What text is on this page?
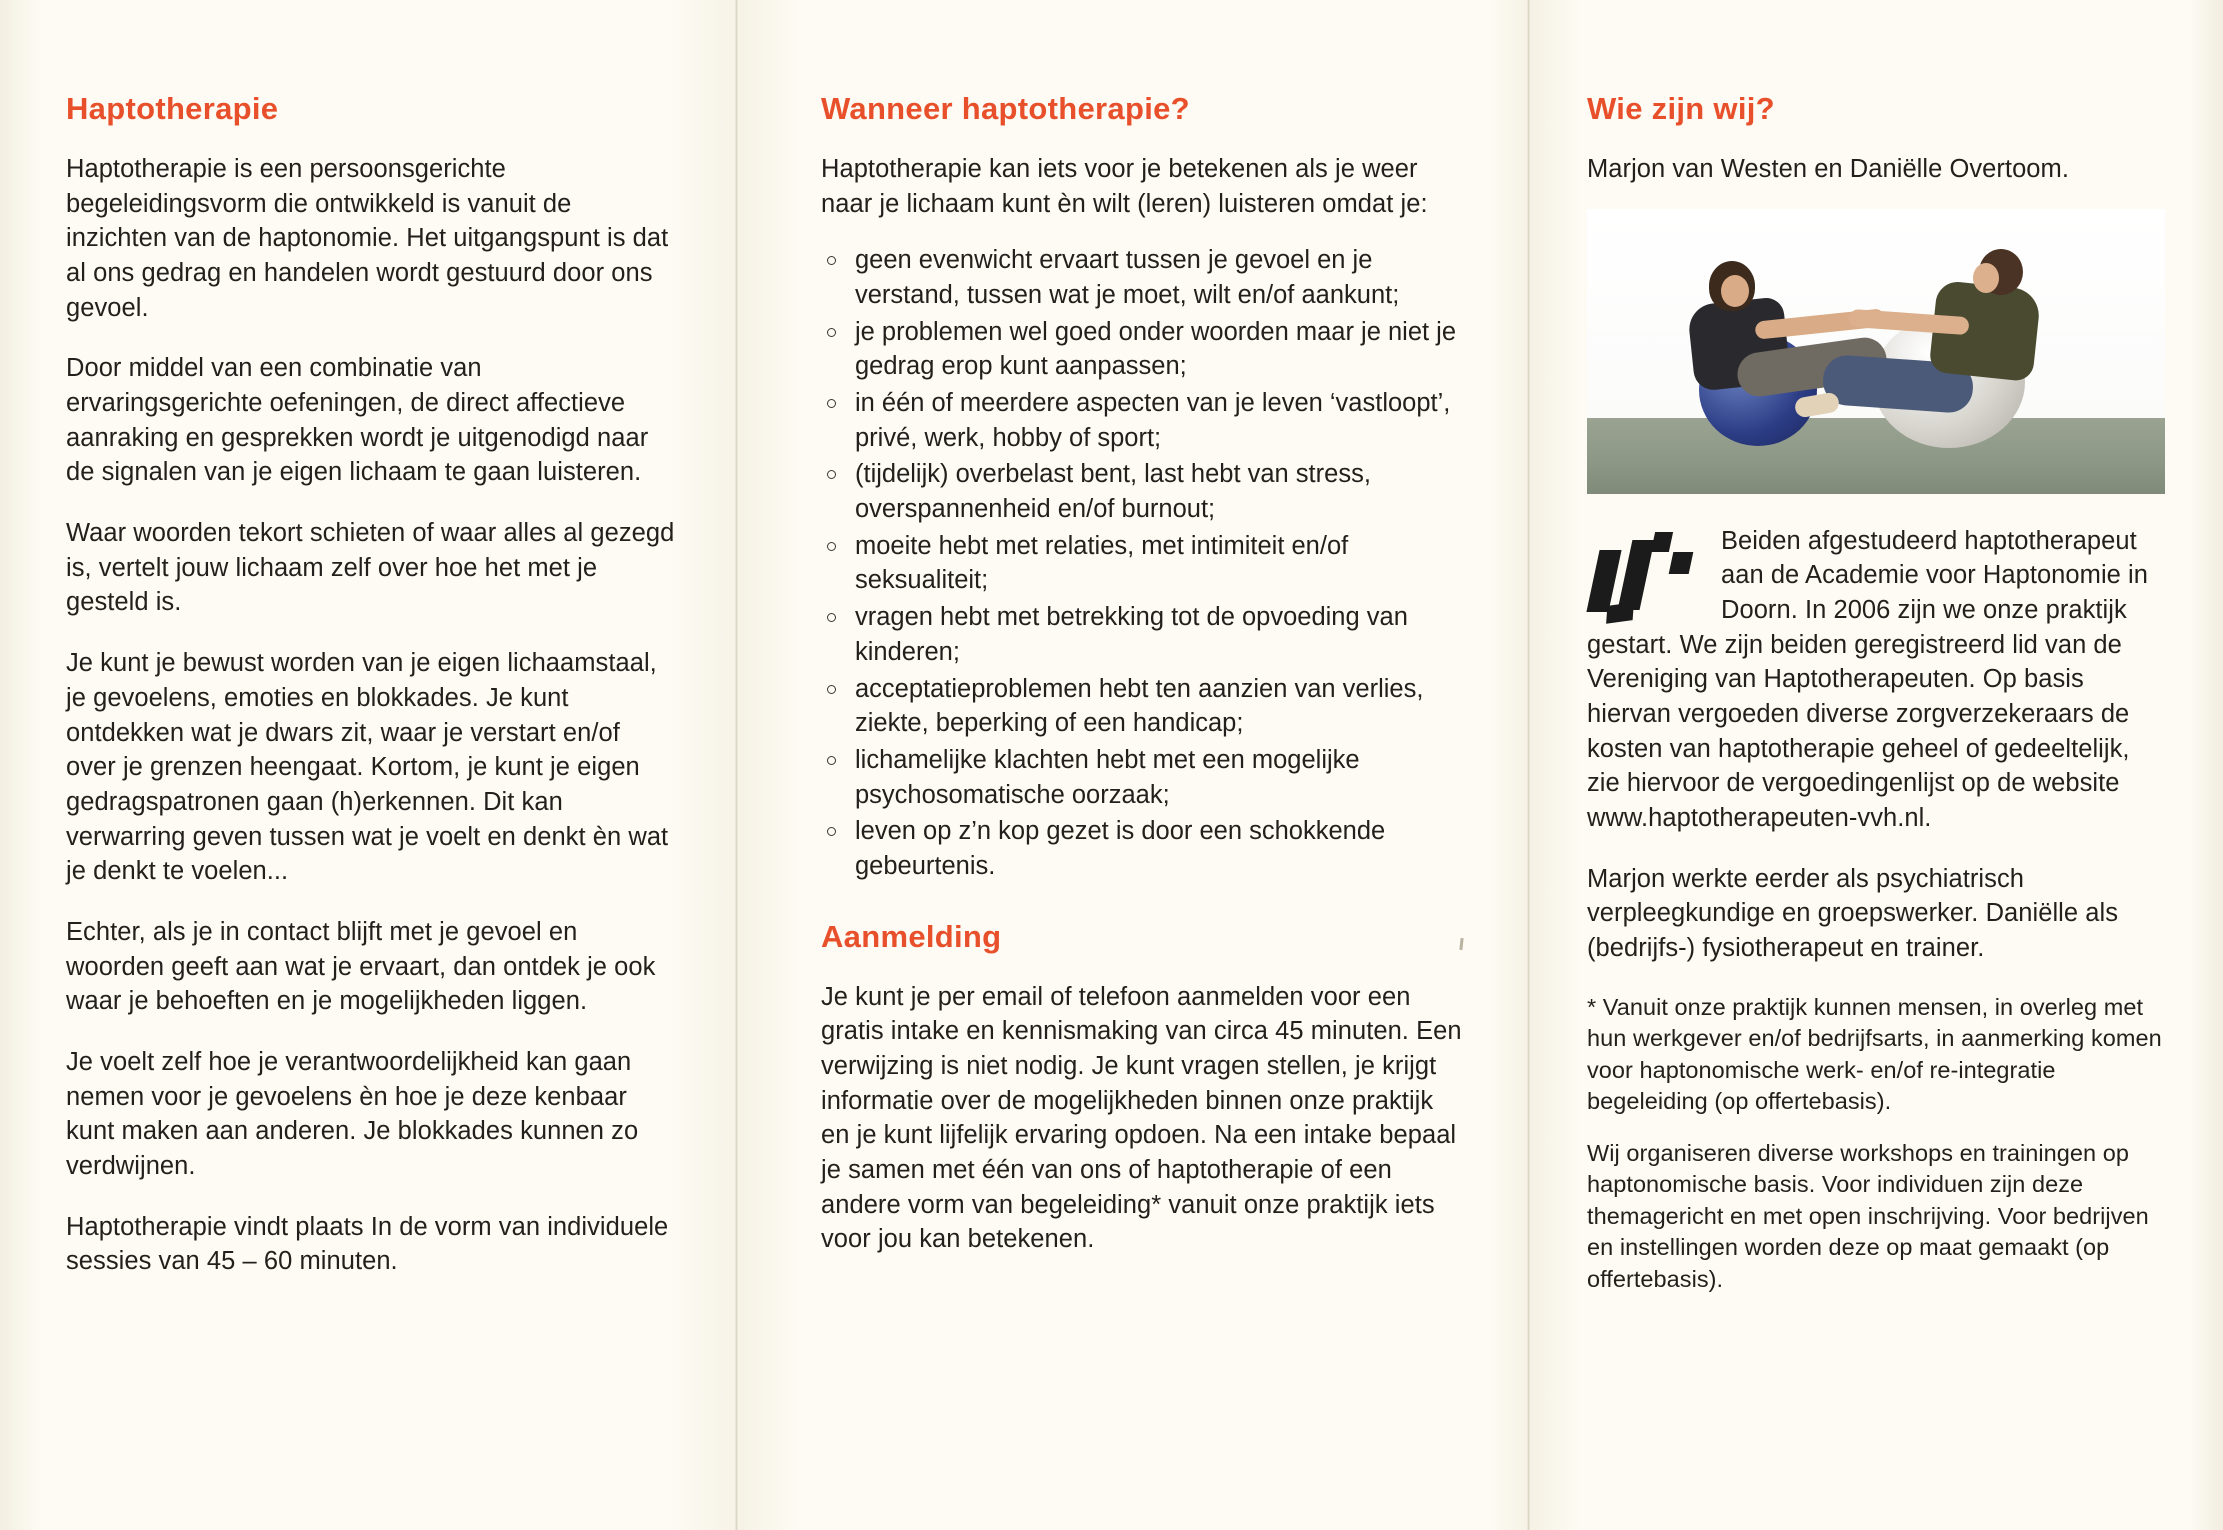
Haptotherapie

Haptotherapie is een persoonsgerichte begeleidingsvorm die ontwikkeld is vanuit de inzichten van de haptonomie. Het uitgangspunt is dat al ons gedrag en handelen wordt gestuurd door ons gevoel.

Door middel van een combinatie van ervaringsgerichte oefeningen, de direct affectieve aanraking en gesprekken wordt je uitgenodigd naar de signalen van je eigen lichaam te gaan luisteren.

Waar woorden tekort schieten of waar alles al gezegd is, vertelt jouw lichaam zelf over hoe het met je gesteld is.

Je kunt je bewust worden van je eigen lichaamstaal, je gevoelens, emoties en blokkades. Je kunt ontdekken wat je dwars zit, waar je verstart en/of over je grenzen heengaat. Kortom, je kunt je eigen gedragspatronen gaan (h)erkennen. Dit kan verwarring geven tussen wat je voelt en denkt èn wat je denkt te voelen...

Echter, als je in contact blijft met je gevoel en woorden geeft aan wat je ervaart, dan ontdek je ook waar je behoeften en je mogelijkheden liggen.

Je voelt zelf hoe je verantwoordelijkheid kan gaan nemen voor je gevoelens èn hoe je deze kenbaar kunt maken aan anderen. Je blokkades kunnen zo verdwijnen.

Haptotherapie vindt plaats In de vorm van individuele sessies van 45 – 60 minuten.

Wanneer haptotherapie?

Haptotherapie kan iets voor je betekenen als je weer naar je lichaam kunt èn wilt (leren) luisteren omdat je:

geen evenwicht ervaart tussen je gevoel en je verstand, tussen wat je moet, wilt en/of aankunt;
je problemen wel goed onder woorden maar je niet je gedrag erop kunt aanpassen;
in één of meerdere aspecten van je leven ‘vastloopt’, privé, werk, hobby of sport;
(tijdelijk) overbelast bent, last hebt van stress, overspannenheid en/of burnout;
moeite hebt met relaties, met intimiteit en/of seksualiteit;
vragen hebt met betrekking tot de opvoeding van kinderen;
acceptatieproblemen hebt ten aanzien van verlies, ziekte, beperking of een handicap;
lichamelijke klachten hebt met een mogelijke psychosomatische oorzaak;
leven op z’n kop gezet is door een schokkende gebeurtenis.
Aanmelding

Je kunt je per email of telefoon aanmelden voor een gratis intake en kennismaking van circa 45 minuten. Een verwijzing is niet nodig. Je kunt vragen stellen, je krijgt informatie over de mogelijkheden binnen onze praktijk en je kunt lijfelijk ervaring opdoen. Na een intake bepaal je samen met één van ons of haptotherapie of een andere vorm van begeleiding* vanuit onze praktijk iets voor jou kan betekenen.

Wie zijn wij?

Marjon van Westen en Daniëlle Overtoom.

Beiden afgestudeerd haptotherapeut aan de Academie voor Haptonomie in Doorn. In 2006 zijn we onze praktijk gestart. We zijn beiden geregistreerd lid van de Vereniging van Haptotherapeuten. Op basis hiervan vergoeden diverse zorgverzekeraars de kosten van haptotherapie geheel of gedeeltelijk, zie hiervoor de vergoedingenlijst op de website www.haptotherapeuten-vvh.nl.

Marjon werkte eerder als psychiatrisch verpleegkundige en groepswerker. Daniëlle als (bedrijfs-) fysiotherapeut en trainer.

* Vanuit onze praktijk kunnen mensen, in overleg met hun werkgever en/of bedrijfsarts, in aanmerking komen voor haptonomische werk- en/of re-integratie begeleiding (op offertebasis).

Wij organiseren diverse workshops en trainingen op haptonomische basis. Voor individuen zijn deze themagericht en met open inschrijving. Voor bedrijven en instellingen worden deze op maat gemaakt (op offertebasis).
